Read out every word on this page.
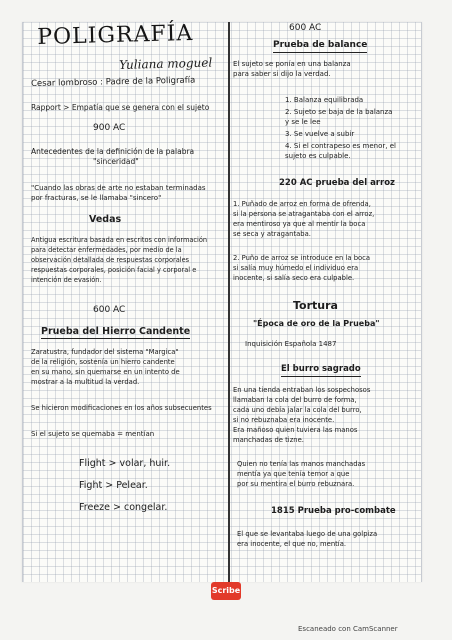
POLIGRAFÍA
Yuliana moguel
Cesar lombroso : Padre de la Poligrafía
Rapport > Empatía que se genera con el sujeto
900 AC
Antecedentes de la definición de la palabra
"sinceridad"
"Cuando las obras de arte no estaban terminadas
por fracturas, se le llamaba "sincero"
Vedas
Antigua escritura basada en escritos con información
para detectar enfermedades, por medio de la
observación detallada de respuestas corporales
respuestas corporales, posición facial y corporal e
intención de evasión.
600 AC
Prueba del Hierro Candente
Zaratustra, fundador del sistema "Margica"
de la religión, sostenía un hierro candente
en su mano, sin quemarse en un intento de
mostrar a la multitud la verdad.
Se hicieron modificaciones en los años subsecuentes
Si el sujeto se quemaba = mentían
Flight > volar, huir.
Fight > Pelear.
Freeze > congelar.
600 AC
Prueba de balance
El sujeto se ponía en una balanza
para saber si dijo la verdad.
1. Balanza equilibrada
2. Sujeto se baja de la balanza
y se le lee
3. Se vuelve a subir
4. Si el contrapeso es menor, el
sujeto es culpable.
220 AC prueba del arroz
1. Puñado de arroz en forma de ofrenda,
si la persona se atragantaba con el arroz,
era mentiroso ya que al mentir la boca
se seca y atragantaba.
2. Puño de arroz se introduce en la boca
si salía muy húmedo el individuo era
inocente, si salía seco era culpable.
Tortura
"Época de oro de la Prueba"
Inquisición Española 1487
El burro sagrado
En una tienda entraban los sospechosos
llamaban la cola del burro de forma,
cada uno debía jalar la cola del burro,
si no rebuznaba era inocente.
Era mañoso quien tuviera las manos
manchadas de tizne.
Quien no tenía las manos manchadas
mentía ya que tenía temor a que
por su mentira el burro rebuznara.
1815 Prueba pro-combate
El que se levantaba luego de una golpiza
era inocente, el que no, mentía.
Scribe
Escaneado con CamScanner
